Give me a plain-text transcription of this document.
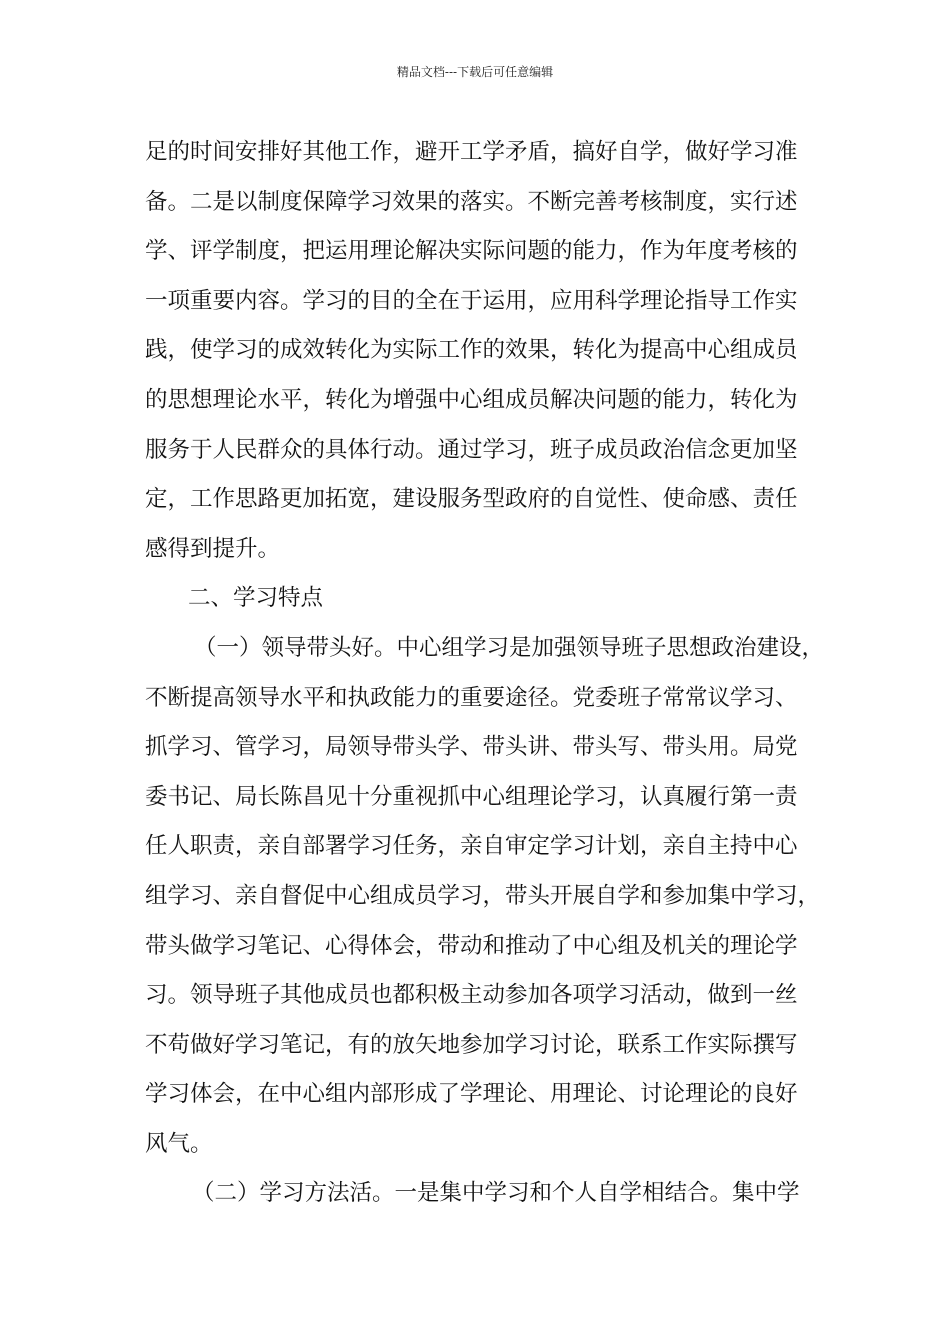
精品文档---下载后可任意编辑
足的时间安排好其他工作，避开工学矛盾，搞好自学，做好学习准
备。二是以制度保障学习效果的落实。不断完善考核制度，实行述
学、评学制度，把运用理论解决实际问题的能力，作为年度考核的
一项重要内容。学习的目的全在于运用，应用科学理论指导工作实
践，使学习的成效转化为实际工作的效果，转化为提高中心组成员
的思想理论水平，转化为增强中心组成员解决问题的能力，转化为
服务于人民群众的具体行动。通过学习，班子成员政治信念更加坚
定，工作思路更加拓宽，建设服务型政府的自觉性、使命感、责任
感得到提升。
二、学习特点
（一）领导带头好。中心组学习是加强领导班子思想政治建设，
不断提高领导水平和执政能力的重要途径。党委班子常常议学习、
抓学习、管学习，局领导带头学、带头讲、带头写、带头用。局党
委书记、局长陈昌见十分重视抓中心组理论学习，认真履行第一责
任人职责，亲自部署学习任务，亲自审定学习计划，亲自主持中心
组学习、亲自督促中心组成员学习，带头开展自学和参加集中学习，
带头做学习笔记、心得体会，带动和推动了中心组及机关的理论学
习。领导班子其他成员也都积极主动参加各项学习活动，做到一丝
不苟做好学习笔记，有的放矢地参加学习讨论，联系工作实际撰写
学习体会，在中心组内部形成了学理论、用理论、讨论理论的良好
风气。
（二）学习方法活。一是集中学习和个人自学相结合。集中学
